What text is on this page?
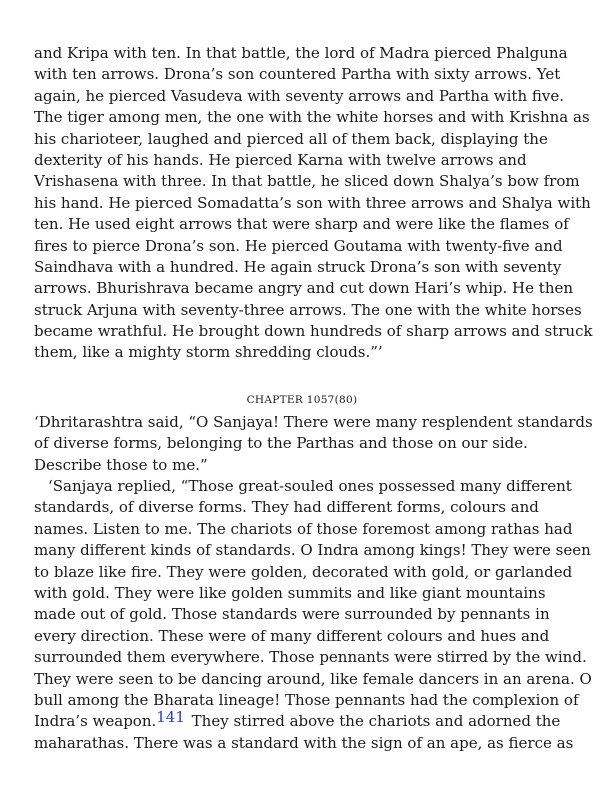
and Kripa with ten. In that battle, the lord of Madra pierced Phalguna
with ten arrows. Drona’s son countered Partha with sixty arrows. Yet
again, he pierced Vasudeva with seventy arrows and Partha with five.
The tiger among men, the one with the white horses and with Krishna as
his charioteer, laughed and pierced all of them back, displaying the
dexterity of his hands. He pierced Karna with twelve arrows and
Vrishasena with three. In that battle, he sliced down Shalya’s bow from
his hand. He pierced Somadatta’s son with three arrows and Shalya with
ten. He used eight arrows that were sharp and were like the flames of
fires to pierce Drona’s son. He pierced Goutama with twenty-five and
Saindhava with a hundred. He again struck Drona’s son with seventy
arrows. Bhurishrava became angry and cut down Hari’s whip. He then
struck Arjuna with seventy-three arrows. The one with the white horses
became wrathful. He brought down hundreds of sharp arrows and struck
them, like a mighty storm shredding clouds.”’
CHAPTER 1057(80)
‘Dhritarashtra said, “O Sanjaya! There were many resplendent standards
of diverse forms, belonging to the Parthas and those on our side.
Describe those to me.”
‘Sanjaya replied, “Those great-souled ones possessed many different
standards, of diverse forms. They had different forms, colours and
names. Listen to me. The chariots of those foremost among rathas had
many different kinds of standards. O Indra among kings! They were seen
to blaze like fire. They were golden, decorated with gold, or garlanded
with gold. They were like golden summits and like giant mountains
made out of gold. Those standards were surrounded by pennants in
every direction. These were of many different colours and hues and
surrounded them everywhere. Those pennants were stirred by the wind.
They were seen to be dancing around, like female dancers in an arena. O
bull among the Bharata lineage! Those pennants had the complexion of
Indra’s weapon.141 They stirred above the chariots and adorned the
maharathas. There was a standard with the sign of an ape, as fierce as
